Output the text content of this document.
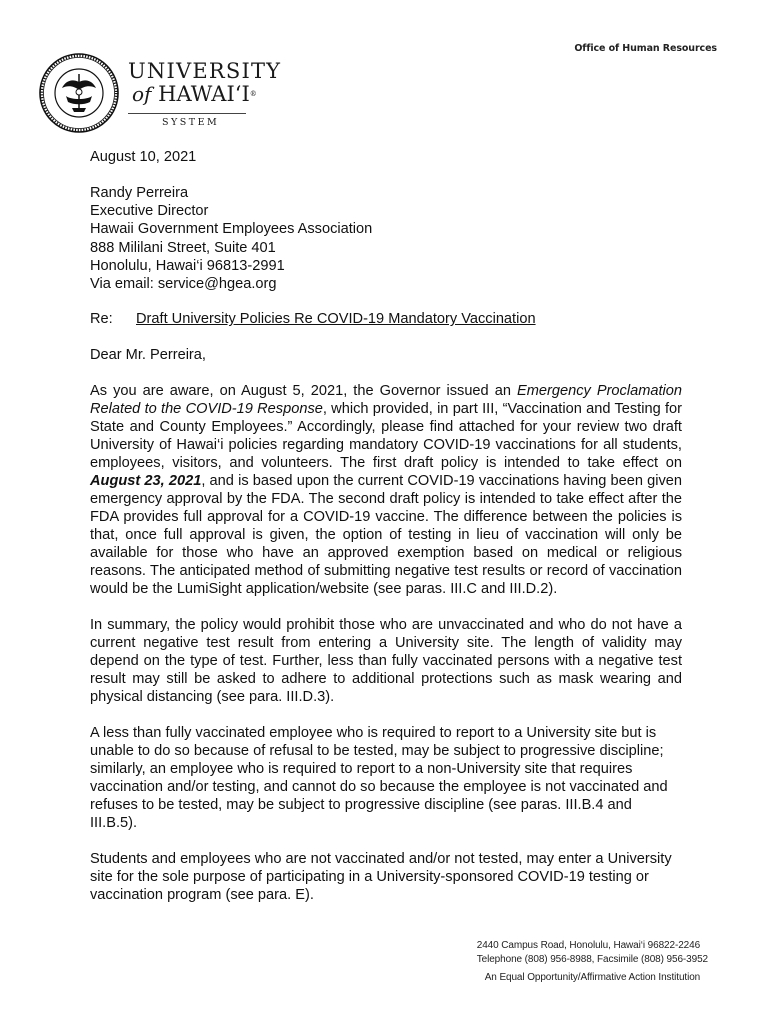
Office of Human Resources
UNIVERSITY
of HAWAI‘I®
SYSTEM

August 10, 2021

Randy Perreira
Executive Director
Hawaii Government Employees Association
888 Mililani Street, Suite 401
Honolulu, Hawai‘i 96813-2991
Via email: service@hgea.org

Re:	Draft University Policies Re COVID-19 Mandatory Vaccination

Dear Mr. Perreira,

As you are aware, on August 5, 2021, the Governor issued an Emergency Proclamation Related to the COVID-19 Response, which provided, in part III, “Vaccination and Testing for State and County Employees.” Accordingly, please find attached for your review two draft University of Hawai‘i policies regarding mandatory COVID-19 vaccinations for all students, employees, visitors, and volunteers. The first draft policy is intended to take effect on August 23, 2021, and is based upon the current COVID-19 vaccinations having been given emergency approval by the FDA. The second draft policy is intended to take effect after the FDA provides full approval for a COVID-19 vaccine. The difference between the policies is that, once full approval is given, the option of testing in lieu of vaccination will only be available for those who have an approved exemption based on medical or religious reasons. The anticipated method of submitting negative test results or record of vaccination would be the LumiSight application/website (see paras. III.C and III.D.2).

In summary, the policy would prohibit those who are unvaccinated and who do not have a current negative test result from entering a University site. The length of validity may depend on the type of test. Further, less than fully vaccinated persons with a negative test result may still be asked to adhere to additional protections such as mask wearing and physical distancing (see para. III.D.3).

A less than fully vaccinated employee who is required to report to a University site but is unable to do so because of refusal to be tested, may be subject to progressive discipline; similarly, an employee who is required to report to a non-University site that requires vaccination and/or testing, and cannot do so because the employee is not vaccinated and refuses to be tested, may be subject to progressive discipline (see paras. III.B.4 and III.B.5).

Students and employees who are not vaccinated and/or not tested, may enter a University site for the sole purpose of participating in a University-sponsored COVID-19 testing or vaccination program (see para. E).

2440 Campus Road, Honolulu, Hawai‘i 96822-2246
Telephone (808) 956-8988, Facsimile (808) 956-3952
An Equal Opportunity/Affirmative Action Institution
